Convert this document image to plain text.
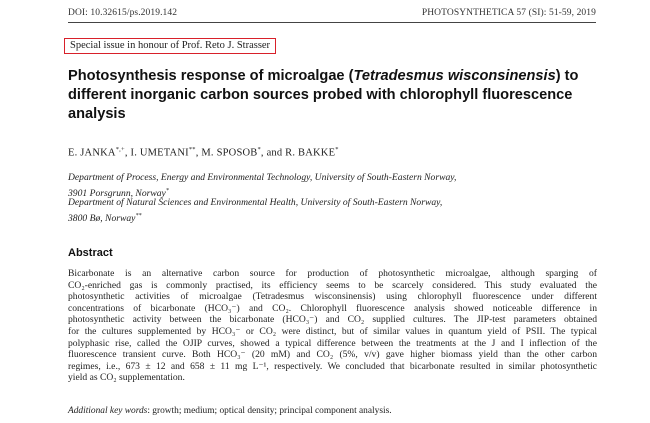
DOI: 10.32615/ps.2019.142	PHOTOSYNTHETICA 57 (SI): 51-59, 2019
Special issue in honour of Prof. Reto J. Strasser
Photosynthesis response of microalgae (Tetradesmus wisconsinensis) to different inorganic carbon sources probed with chlorophyll fluorescence analysis
E. JANKA*,+, I. UMETANI**, M. SPOSOB*, and R. BAKKE*
Department of Process, Energy and Environmental Technology, University of South-Eastern Norway,
3901 Porsgrunn, Norway*
Department of Natural Sciences and Environmental Health, University of South-Eastern Norway,
3800 Bø, Norway**
Abstract
Bicarbonate is an alternative carbon source for production of photosynthetic microalgae, although sparging of
CO₂-enriched gas is commonly practised, its efficiency seems to be scarcely considered. This study evaluated the
photosynthetic activities of microalgae (Tetradesmus wisconsinensis) using chlorophyll fluorescence under different
concentrations of bicarbonate (HCO₃⁻) and CO₂. Chlorophyll fluorescence analysis showed noticeable difference in
photosynthetic activity between the bicarbonate (HCO₃⁻) and CO₂ supplied cultures. The JIP-test parameters obtained
for the cultures supplemented by HCO₃⁻ or CO₂ were distinct, but of similar values in quantum yield of PSII. The typical
polyphasic rise, called the OJIP curves, showed a typical difference between the treatments at the J and I inflection of the
fluorescence transient curve. Both HCO₃⁻ (20 mM) and CO₂ (5%, v/v) gave higher biomass yield than the other carbon
regimes, i.e., 673 ± 12 and 658 ± 11 mg L⁻¹, respectively. We concluded that bicarbonate resulted in similar photosynthetic
yield as CO₂ supplementation.
Additional key words: growth; medium; optical density; principal component analysis.
